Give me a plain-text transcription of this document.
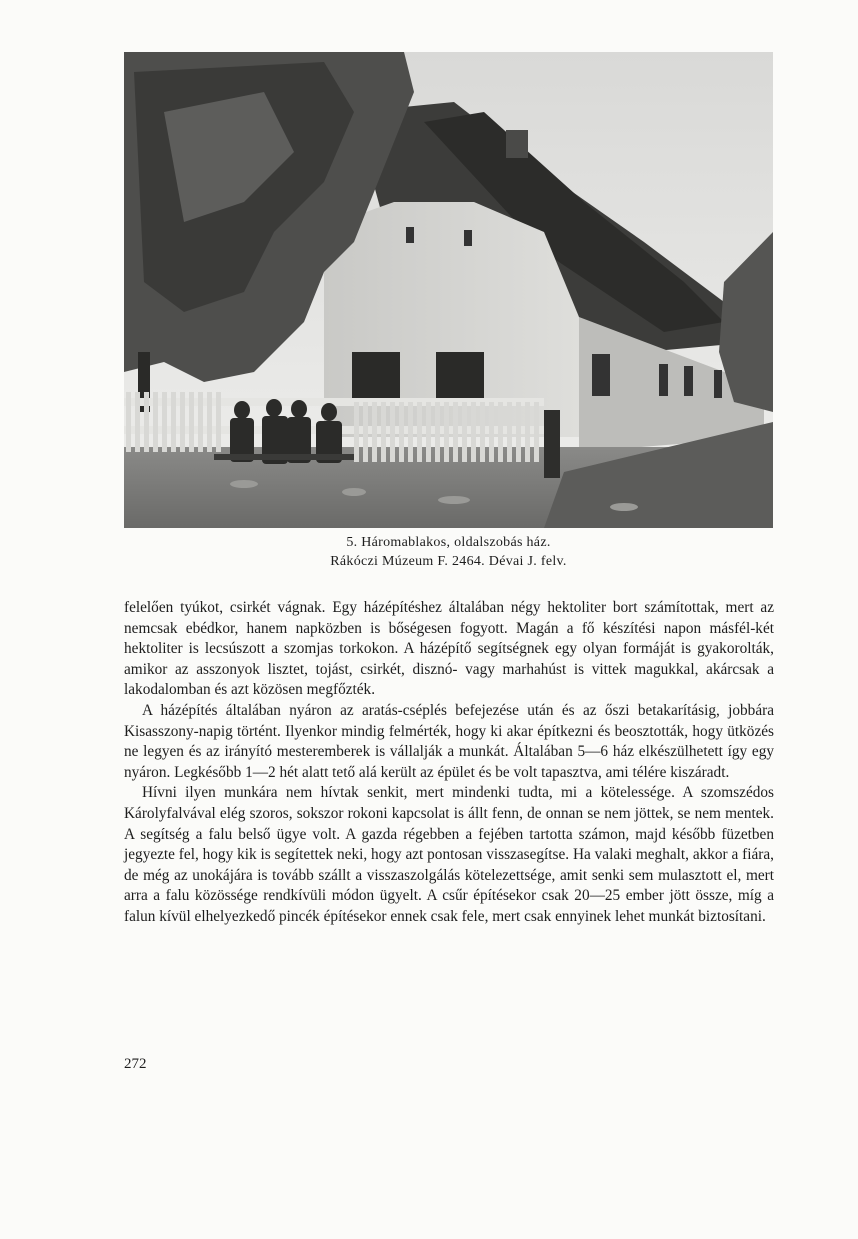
5. Háromablakos, oldalszobás ház.
Rákóczi Múzeum F. 2464. Dévai J. felv.

felelően tyúkot, csirkét vágnak. Egy házépítéshez általában négy hektoliter bort számítottak, mert az nemcsak ebédkor, hanem napközben is bőségesen fogyott. Magán a fő készítési napon másfél-két hektoliter is lecsúszott a szomjas torkokon. A házépítő segítségnek egy olyan formáját is gyakorolták, amikor az asszonyok lisztet, tojást, csirkét, disznó- vagy marhahúst is vittek magukkal, akárcsak a lakodalomban és azt közösen megfőzték.

A házépítés általában nyáron az aratás-cséplés befejezése után és az őszi betakarításig, jobbára Kisasszony-napig történt. Ilyenkor mindig felmérték, hogy ki akar építkezni és beosztották, hogy ütközés ne legyen és az irányító mesteremberek is vállalják a munkát. Általában 5—6 ház elkészülhetett így egy nyáron. Legkésőbb 1—2 hét alatt tető alá került az épület és be volt tapasztva, ami télére kiszáradt.

Hívni ilyen munkára nem hívtak senkit, mert mindenki tudta, mi a kötelessége. A szomszédos Károlyfalvával elég szoros, sokszor rokoni kapcsolat is állt fenn, de onnan se nem jöttek, se nem mentek. A segítség a falu belső ügye volt. A gazda régebben a fejében tartotta számon, majd később füzetben jegyezte fel, hogy kik is segítettek neki, hogy azt pontosan visszasegítse. Ha valaki meghalt, akkor a fiára, de még az unokájára is tovább szállt a visszaszolgálás kötelezettsége, amit senki sem mulasztott el, mert arra a falu közössége rendkívüli módon ügyelt. A csűr építésekor csak 20—25 ember jött össze, míg a falun kívül elhelyezkedő pincék építésekor ennek csak fele, mert csak ennyinek lehet munkát biztosítani.

272
